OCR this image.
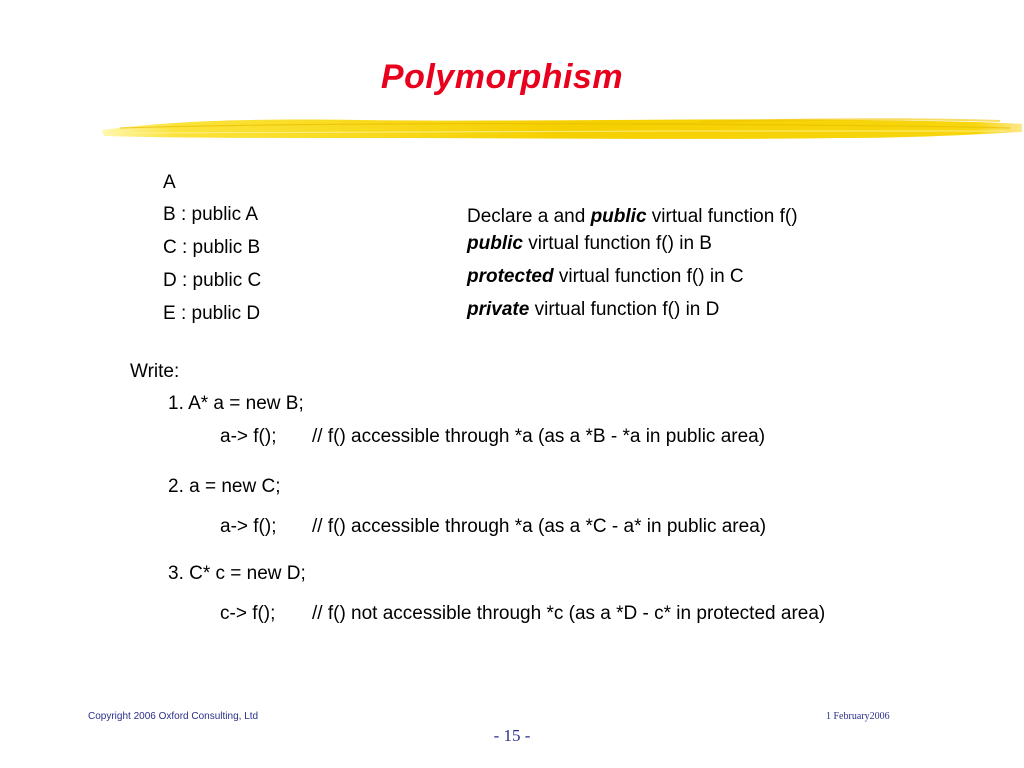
Polymorphism
A
B : public A
C : public B
D : public C
E : public D
Declare a and public virtual function f()
public virtual function f() in B
protected virtual function f() in C
private virtual function f() in D
Write:
1. A* a = new B;
a-> f(); // f() accessible through *a (as a *B - *a in public area)
2. a = new C;
a-> f(); // f() accessible through *a (as a *C - a* in public area)
3. C* c = new D;
c-> f(); // f() not accessible through *c (as a *D - c* in protected area)
Copyright 2006 Oxford Consulting, Ltd	1 February2006
- 15 -
